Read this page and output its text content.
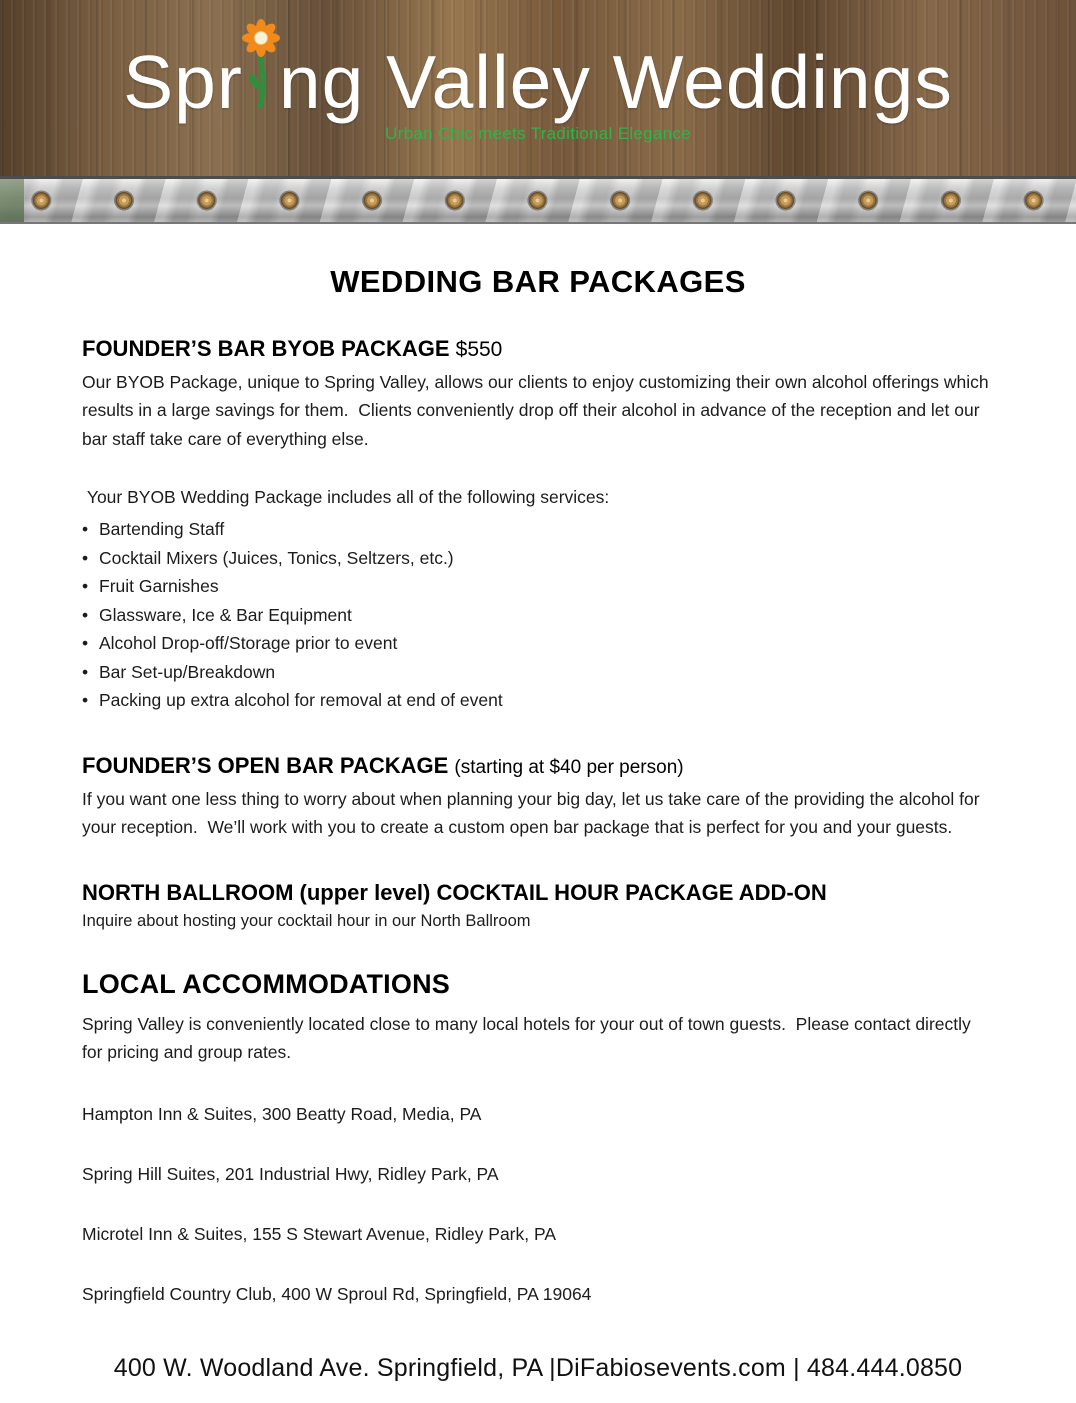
Spr ng Valley Weddings
Urban Chic meets Traditional Elegance
WEDDING BAR PACKAGES
FOUNDER’S BAR BYOB PACKAGE $550

Our BYOB Package, unique to Spring Valley, allows our clients to enjoy customizing their own alcohol offerings which results in a large savings for them.  Clients conveniently drop off their alcohol in advance of the reception and let our bar staff take care of everything else.

Your BYOB Wedding Package includes all of the following services:

• Bartending Staff
• Cocktail Mixers (Juices, Tonics, Seltzers, etc.)
• Fruit Garnishes
• Glassware, Ice & Bar Equipment
• Alcohol Drop-off/Storage prior to event
• Bar Set-up/Breakdown
• Packing up extra alcohol for removal at end of event
FOUNDER’S OPEN BAR PACKAGE (starting at $40 per person)

If you want one less thing to worry about when planning your big day, let us take care of the providing the alcohol for your reception.  We’ll work with you to create a custom open bar package that is perfect for you and your guests.

NORTH BALLROOM (upper level) COCKTAIL HOUR PACKAGE ADD-ON

Inquire about hosting your cocktail hour in our North Ballroom

LOCAL ACCOMMODATIONS

Spring Valley is conveniently located close to many local hotels for your out of town guests.  Please contact directly for pricing and group rates.

Hampton Inn & Suites, 300 Beatty Road, Media, PA

Spring Hill Suites, 201 Industrial Hwy, Ridley Park, PA

Microtel Inn & Suites, 155 S Stewart Avenue, Ridley Park, PA

Springfield Country Club, 400 W Sproul Rd, Springfield, PA 19064

400 W. Woodland Ave. Springfield, PA |DiFabiosevents.com | 484.444.0850
